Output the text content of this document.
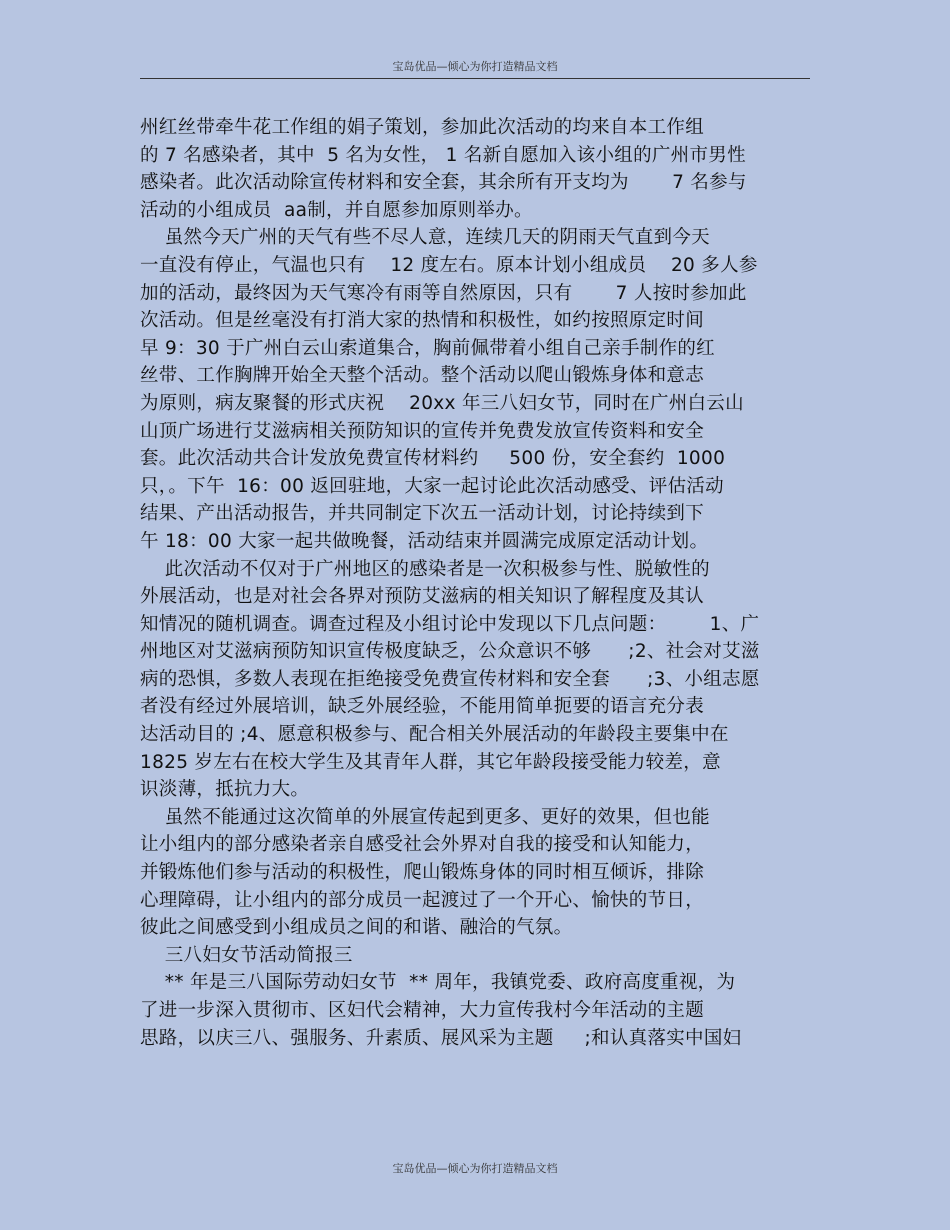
宝岛优品—倾心为你打造精品文档
州红丝带牵牛花工作组的娟子策划，参加此次活动的均来自本工作组
的 7 名感染者，其中  5 名为女性， 1 名新自愿加入该小组的广州市男性
感染者。此次活动除宣传材料和安全套，其余所有开支均为       7 名参与
活动的小组成员  aa制，并自愿参加原则举办。
虽然今天广州的天气有些不尽人意，连续几天的阴雨天气直到今天
一直没有停止，气温也只有    12 度左右。原本计划小组成员    20 多人参
加的活动，最终因为天气寒冷有雨等自然原因，只有       7 人按时参加此
次活动。但是丝毫没有打消大家的热情和积极性，如约按照原定时间
早 9：30 于广州白云山索道集合，胸前佩带着小组自己亲手制作的红
丝带、工作胸牌开始全天整个活动。整个活动以爬山锻炼身体和意志
为原则，病友聚餐的形式庆祝    20xx 年三八妇女节，同时在广州白云山
山顶广场进行艾滋病相关预防知识的宣传并免费发放宣传资料和安全
套。此次活动共合计发放免费宣传材料约     500 份，安全套约  1000
只，。下午  16：00 返回驻地，大家一起讨论此次活动感受、评估活动
结果、产出活动报告，并共同制定下次五一活动计划，讨论持续到下
午 18：00 大家一起共做晚餐，活动结束并圆满完成原定活动计划。
此次活动不仅对于广州地区的感染者是一次积极参与性、脱敏性的
外展活动，也是对社会各界对预防艾滋病的相关知识了解程度及其认
知情况的随机调查。调查过程及小组讨论中发现以下几点问题：       1、广
州地区对艾滋病预防知识宣传极度缺乏，公众意识不够      ;2、社会对艾滋
病的恐惧，多数人表现在拒绝接受免费宣传材料和安全套      ;3、小组志愿
者没有经过外展培训，缺乏外展经验，不能用简单扼要的语言充分表
达活动目的 ;4、愿意积极参与、配合相关外展活动的年龄段主要集中在
1825 岁左右在校大学生及其青年人群，其它年龄段接受能力较差，意
识淡薄，抵抗力大。
虽然不能通过这次简单的外展宣传起到更多、更好的效果，但也能
让小组内的部分感染者亲自感受社会外界对自我的接受和认知能力，
并锻炼他们参与活动的积极性，爬山锻炼身体的同时相互倾诉，排除
心理障碍，让小组内的部分成员一起渡过了一个开心、愉快的节日，
彼此之间感受到小组成员之间的和谐、融洽的气氛。
三八妇女节活动简报三
** 年是三八国际劳动妇女节  ** 周年，我镇党委、政府高度重视，为
了进一步深入贯彻市、区妇代会精神，大力宣传我村今年活动的主题
思路，以庆三八、强服务、升素质、展风采为主题     ;和认真落实中国妇
宝岛优品—倾心为你打造精品文档
